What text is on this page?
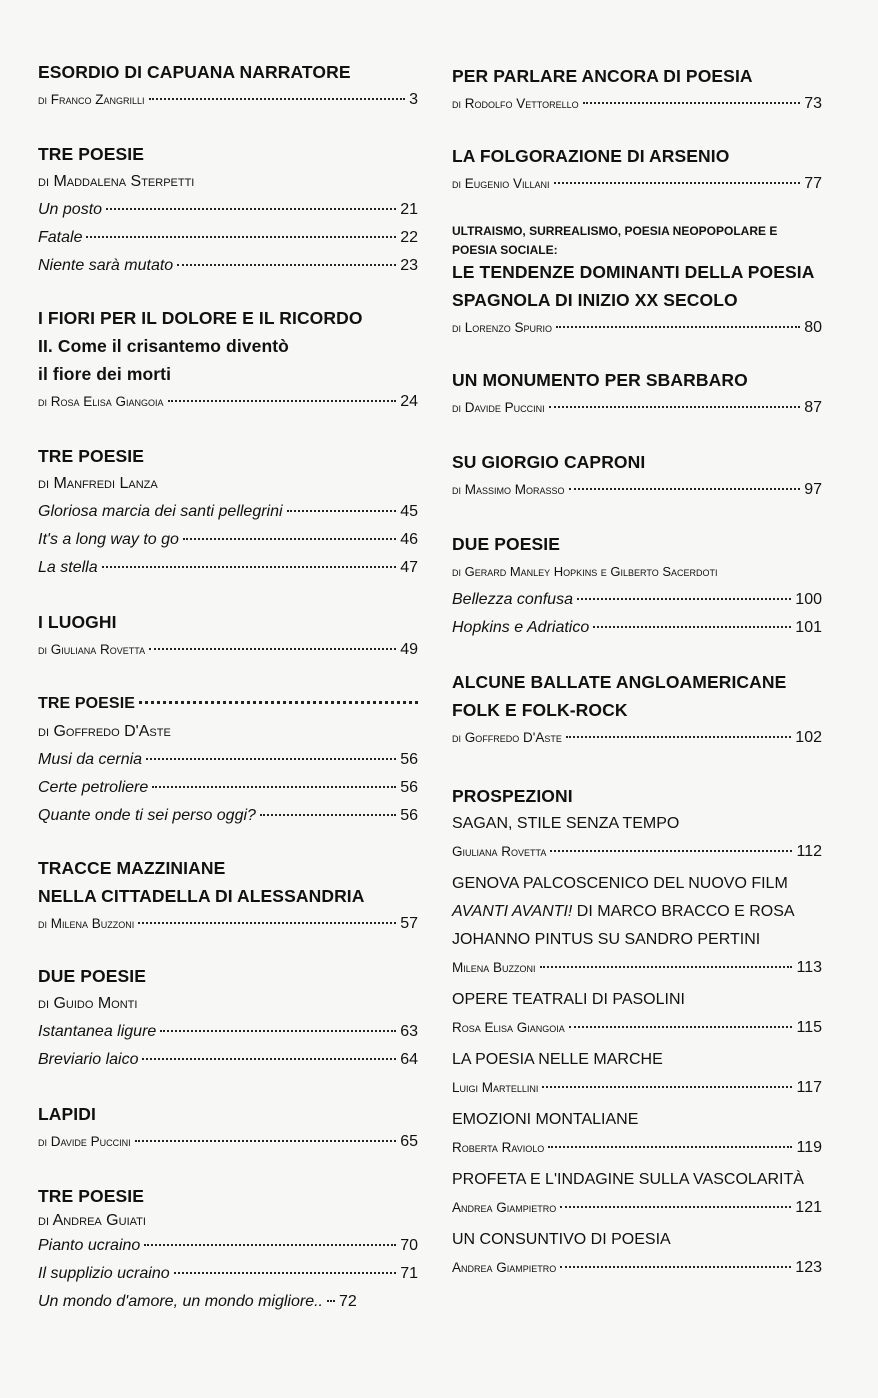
ESORDIO DI CAPUANA NARRATORE
di Franco Zangrilli	3
TRE POESIE
di Maddalena Sterpetti
Un posto	21
Fatale	22
Niente sarà mutato	23
I FIORI PER IL DOLORE E IL RICORDO
II. Come il crisantemo diventò
il fiore dei morti
di Rosa Elisa Giangoia	24
TRE POESIE
di Manfredi Lanza
Gloriosa marcia dei santi pellegrini	45
It's a long way to go	46
La stella	47
I LUOGHI
di Giuliana Rovetta	49
TRE POESIE
di Goffredo D'Aste
Musi da cernia	56
Certe petroliere	56
Quante onde ti sei perso oggi?	56
TRACCE MAZZINIANE
NELLA CITTADELLA DI ALESSANDRIA
di Milena Buzzoni	57
DUE POESIE
di Guido Monti
Istantanea ligure	63
Breviario laico	64
LAPIDI
di Davide Puccini	65
TRE POESIE
di Andrea Guiati
Pianto ucraino	70
Il supplizio ucraino	71
Un mondo d'amore, un mondo migliore.. 72
PER PARLARE ANCORA DI POESIA
di Rodolfo Vettorello	73
LA FOLGORAZIONE DI ARSENIO
di Eugenio Villani	77
ULTRAISMO, SURREALISMO, POESIA NEOPOPOLARE E
POESIA SOCIALE:
LE TENDENZE DOMINANTI DELLA POESIA
SPAGNOLA DI INIZIO XX SECOLO
di Lorenzo Spurio	80
UN MONUMENTO PER SBARBARO
di Davide Puccini	87
SU GIORGIO CAPRONI
di Massimo Morasso	97
DUE POESIE
di Gerard Manley Hopkins e Gilberto Sacerdoti
Bellezza confusa	100
Hopkins e Adriatico	101
ALCUNE BALLATE ANGLOAMERICANE
FOLK E FOLK-ROCK
di Goffredo D'Aste	102
PROSPEZIONI
SAGAN, STILE SENZA TEMPO
Giuliana Rovetta	112
GENOVA PALCOSCENICO DEL NUOVO FILM
AVANTI AVANTI! DI MARCO BRACCO E ROSA
JOHANNO PINTUS SU SANDRO PERTINI
Milena Buzzoni	113
OPERE TEATRALI DI PASOLINI
Rosa Elisa Giangoia	115
LA POESIA NELLE MARCHE
Luigi Martellini	117
EMOZIONI MONTALIANE
Roberta Raviolo	119
PROFETA E L'INDAGINE SULLA VASCOLARITÀ
Andrea Giampietro	121
UN CONSUNTIVO DI POESIA
Andrea Giampietro	123
